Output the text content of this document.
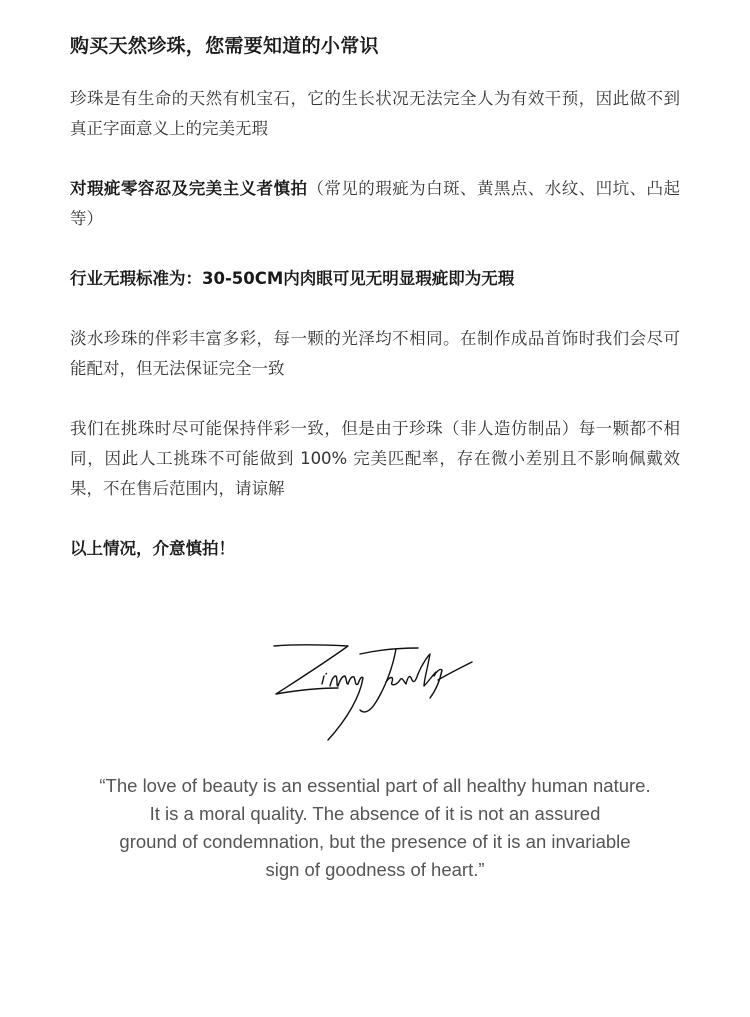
购买天然珍珠，您需要知道的小常识
珍珠是有生命的天然有机宝石，它的生长状况无法完全人为有效干预，因此做不到真正字面意义上的完美无瑕
对瑕疵零容忍及完美主义者慎拍（常见的瑕疵为白斑、黄黑点、水纹、凹坑、凸起等）
行业无瑕标准为：30-50CM内肉眼可见无明显瑕疵即为无瑕
淡水珍珠的伴彩丰富多彩，每一颗的光泽均不相同。在制作成品首饰时我们会尽可能配对，但无法保证完全一致
我们在挑珠时尽可能保持伴彩一致，但是由于珍珠（非人造仿制品）每一颗都不相同，因此人工挑珠不可能做到 100% 完美匹配率，存在微小差别且不影响佩戴效果，不在售后范围内，请谅解
以上情况，介意慎拍！
“The love of beauty is an essential part of all healthy human nature.
It is a moral quality. The absence of it is not an assured
ground of condemnation, but the presence of it is an invariable
sign of goodness of heart.”
